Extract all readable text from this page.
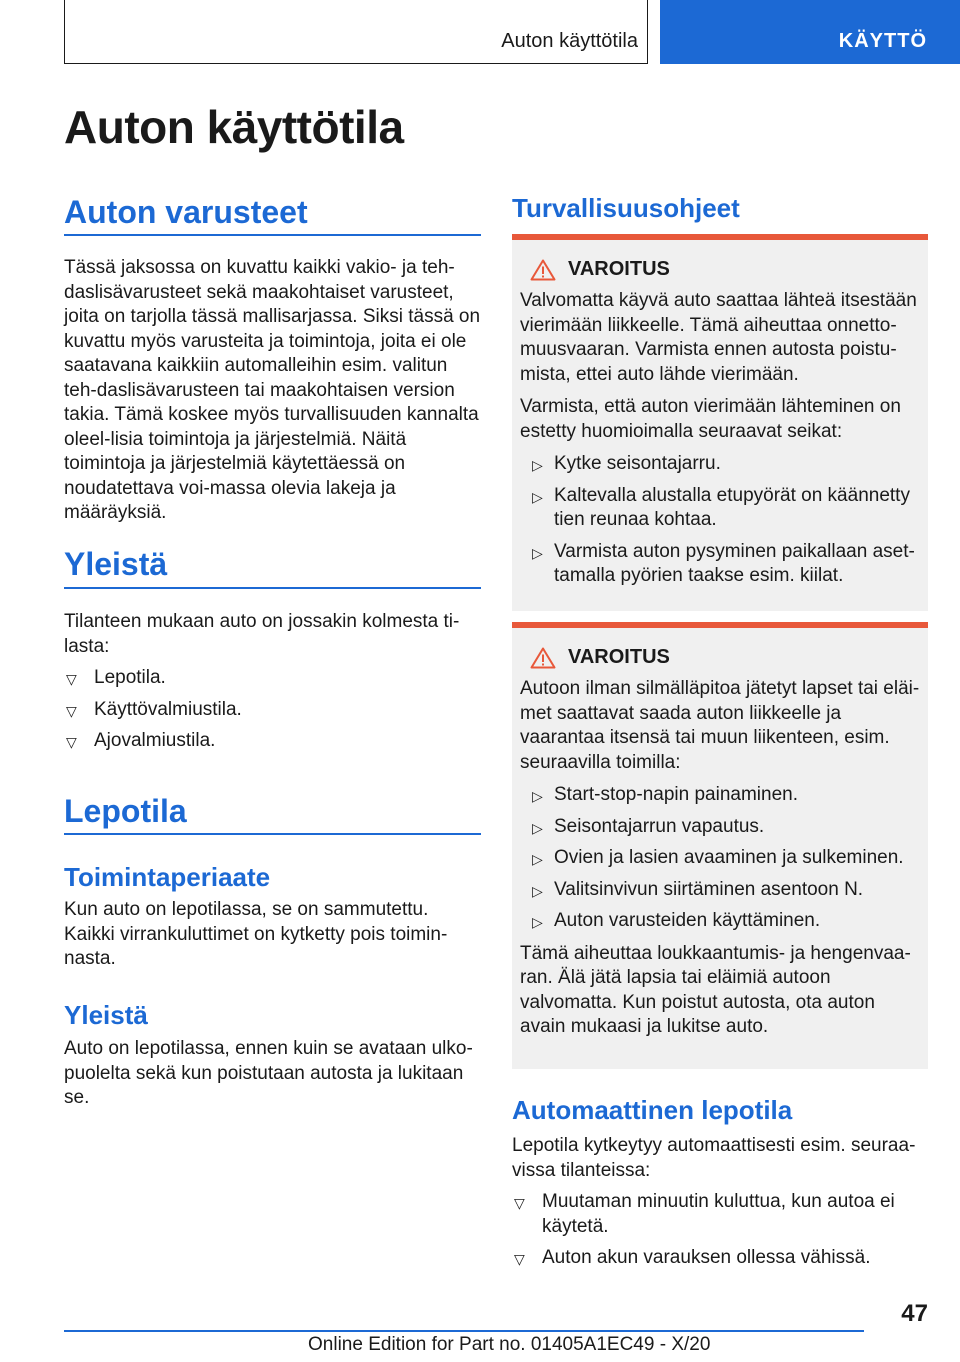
Auton käyttötila	KÄYTTÖ
Auton käyttötila
Auton varusteet

Tässä jaksossa on kuvattu kaikki vakio- ja teh-daslisävarusteet sekä maakohtaiset varusteet, joita on tarjolla tässä mallisarjassa. Siksi tässä on kuvattu myös varusteita ja toimintoja, joita ei ole saatavana kaikkiin automalleihin esim. valitun teh-daslisävarusteen tai maakohtaisen version takia. Tämä koskee myös turvallisuuden kannalta oleel-lisia toimintoja ja järjestelmiä. Näitä toimintoja ja järjestelmiä käytettäessä on noudatettava voi-massa olevia lakeja ja määräyksiä.

Yleistä

Tilanteen mukaan auto on jossakin kolmesta ti-lasta:

▽ Lepotila.
▽ Käyttövalmiustila.
▽ Ajovalmiustila.
Lepotila
Toimintaperiaate

Kun auto on lepotilassa, se on sammutettu. Kaikki virrankuluttimet on kytketty pois toimin-nasta.

Yleistä

Auto on lepotilassa, ennen kuin se avataan ulko-puolelta sekä kun poistutaan autosta ja lukitaan se.

Turvallisuusohjeet
VAROITUS

Valvomatta käyvä auto saattaa lähteä itsestään vierimään liikkeelle. Tämä aiheuttaa onnetto-muusvaaran. Varmista ennen autosta poistu-mista, ettei auto lähde vierimään.

Varmista, että auton vierimään lähteminen on estetty huomioimalla seuraavat seikat:

▷ Kytke seisontajarru.
▷ Kaltevalla alustalla etupyörät on käännetty tien reunaa kohtaa.
▷ Varmista auton pysyminen paikallaan aset-tamalla pyörien taakse esim. kiilat.
VAROITUS

Autoon ilman silmälläpitoa jätetyt lapset tai eläi-met saattavat saada auton liikkeelle ja vaarantaa itsensä tai muun liikenteen, esim. seuraavilla toimilla:

▷ Start-stop-napin painaminen.
▷ Seisontajarrun vapautus.
▷ Ovien ja lasien avaaminen ja sulkeminen.
▷ Valitsinvivun siirtäminen asentoon N.
▷ Auton varusteiden käyttäminen.

Tämä aiheuttaa loukkaantumis- ja hengenvaa-ran. Älä jätä lapsia tai eläimiä autoon valvomatta. Kun poistut autosta, ota auton avain mukaasi ja lukitse auto.

Automaattinen lepotila

Lepotila kytkeytyy automaattisesti esim. seuraa-vissa tilanteissa:

▽ Muutaman minuutin kuluttua, kun autoa ei käytetä.
▽ Auton akun varauksen ollessa vähissä.
47
Online Edition for Part no. 01405A1EC49 - X/20
